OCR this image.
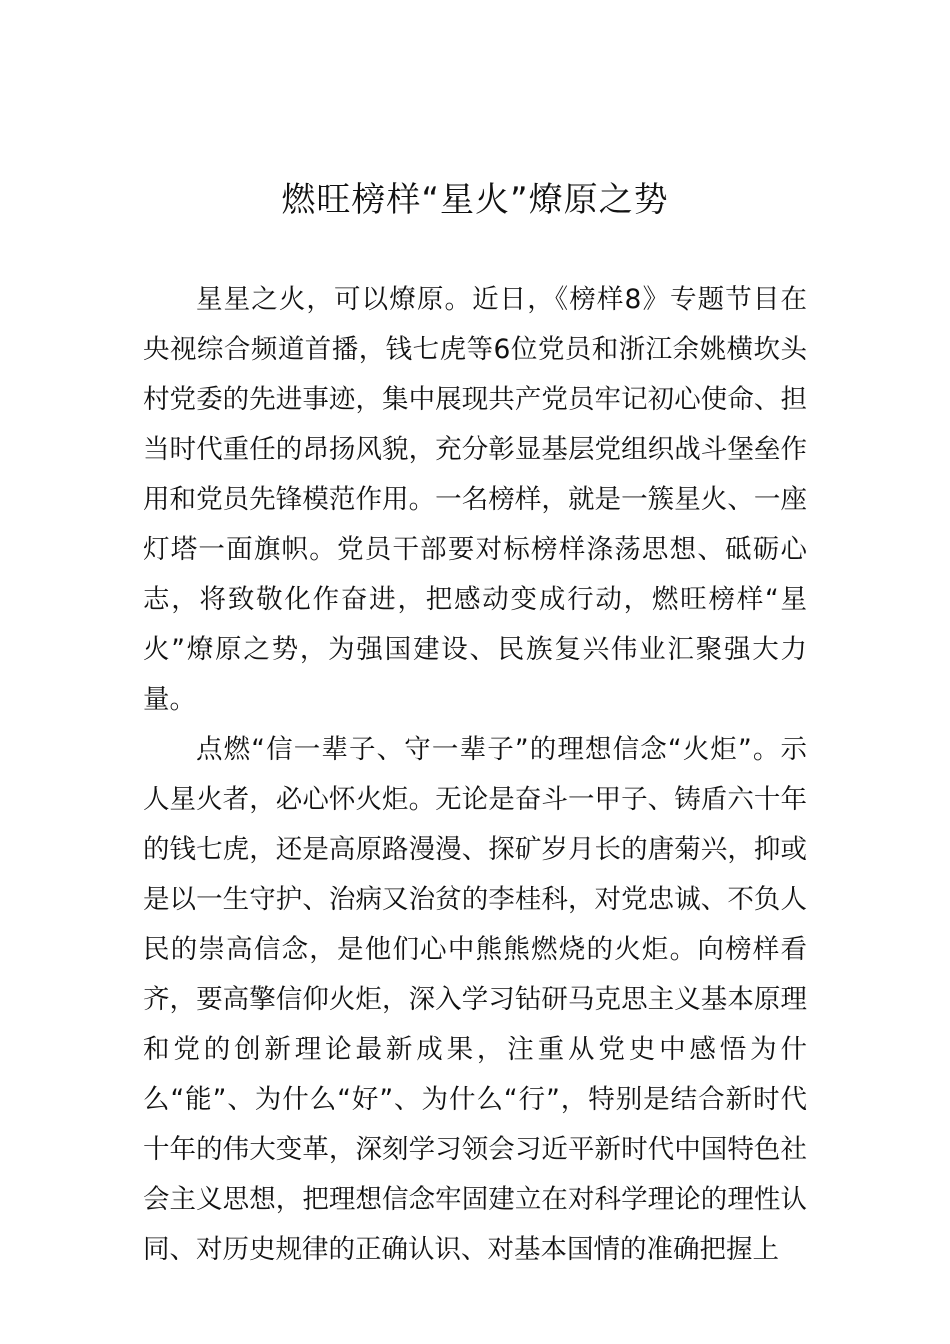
燃旺榜样“星火”燎原之势

星星之火，可以燎原。近日，《榜样8》专题节目在央视综合频道首播，钱七虎等6位党员和浙江余姚横坎头村党委的先进事迹，集中展现共产党员牢记初心使命、担当时代重任的昂扬风貌，充分彰显基层党组织战斗堡垒作用和党员先锋模范作用。一名榜样，就是一簇星火、一座灯塔一面旗帜。党员干部要对标榜样涤荡思想、砥砺心志，将致敬化作奋进，把感动变成行动，燃旺榜样“星火”燎原之势，为强国建设、民族复兴伟业汇聚强大力量。

点燃“信一辈子、守一辈子”的理想信念“火炬”。示人星火者，必心怀火炬。无论是奋斗一甲子、铸盾六十年的钱七虎，还是高原路漫漫、探矿岁月长的唐菊兴，抑或是以一生守护、治病又治贫的李桂科，对党忠诚、不负人民的崇高信念，是他们心中熊熊燃烧的火炬。向榜样看齐，要高擎信仰火炬，深入学习钻研马克思主义基本原理和党的创新理论最新成果，注重从党史中感悟为什么“能”、为什么“好”、为什么“行”，特别是结合新时代十年的伟大变革，深刻学习领会习近平新时代中国特色社会主义思想，把理想信念牢固建立在对科学理论的理性认同、对历史规律的正确认识、对基本国情的准确把握上
